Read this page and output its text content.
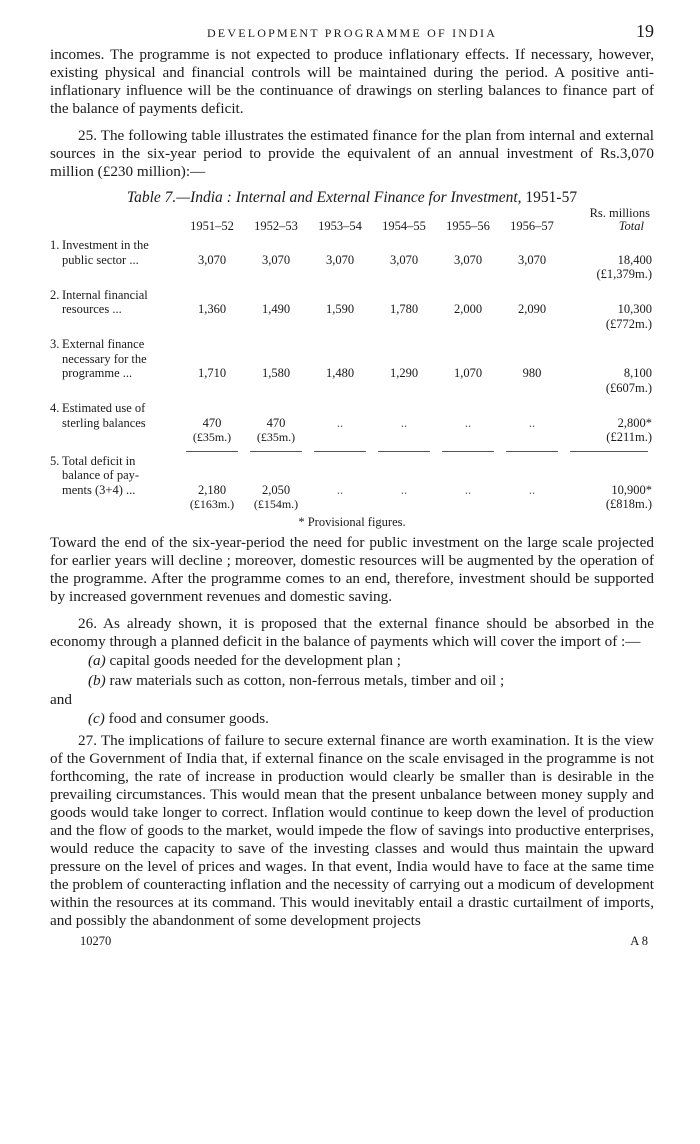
DEVELOPMENT PROGRAMME OF INDIA	19

incomes. The programme is not expected to produce inflationary effects. If necessary, however, existing physical and financial controls will be maintained during the period. A positive anti-inflationary influence will be the continuance of drawings on sterling balances to finance part of the balance of payments deficit.

25. The following table illustrates the estimated finance for the plan from internal and external sources in the six-year period to provide the equivalent of an annual investment of Rs.3,070 million (£230 million):—

Table 7.—India : Internal and External Finance for Investment, 1951-57
Rs. millions
	1951–52	1952–53	1953–54	1954–55	1955–56	1956–57	Total
1. Investment in the
public sector ...	3,070	3,070	3,070	3,070	3,070	3,070	18,400
							(£1,379m.)
2. Internal financial
resources ...	1,360	1,490	1,590	1,780	2,000	2,090	10,300
							(£772m.)
3. External finance
necessary for the
programme ...	1,710	1,580	1,480	1,290	1,070	980	8,100
							(£607m.)
4. Estimated use of
sterling balances	470	470	..	..	..	..	2,800*
	(£35m.)	(£35m.)					(£211m.)

5. Total deficit in
balance of pay-
ments (3+4) ...	2,180	2,050	..	..	..	..	10,900*
	(£163m.)	(£154m.)					(£818m.)
* Provisional figures.

Toward the end of the six-year-period the need for public investment on the large scale projected for earlier years will decline ; moreover, domestic resources will be augmented by the operation of the programme. After the programme comes to an end, therefore, investment should be supported by increased government revenues and domestic saving.

26. As already shown, it is proposed that the external finance should be absorbed in the economy through a planned deficit in the balance of payments which will cover the import of :—

(a) capital goods needed for the development plan ;
(b) raw materials such as cotton, non-ferrous metals, timber and oil ;
and
(c) food and consumer goods.

27. The implications of failure to secure external finance are worth examination. It is the view of the Government of India that, if external finance on the scale envisaged in the programme is not forthcoming, the rate of increase in production would clearly be smaller than is desirable in the prevailing circumstances. This would mean that the present unbalance between money supply and goods would take longer to correct. Inflation would continue to keep down the level of production and the flow of goods to the market, would impede the flow of savings into productive enterprises, would reduce the capacity to save of the investing classes and would thus maintain the upward pressure on the level of prices and wages. In that event, India would have to face at the same time the problem of counteracting inflation and the necessity of carrying out a modicum of development within the resources at its command. This would inevitably entail a drastic curtailment of imports, and possibly the abandonment of some development projects

10270	A 8
